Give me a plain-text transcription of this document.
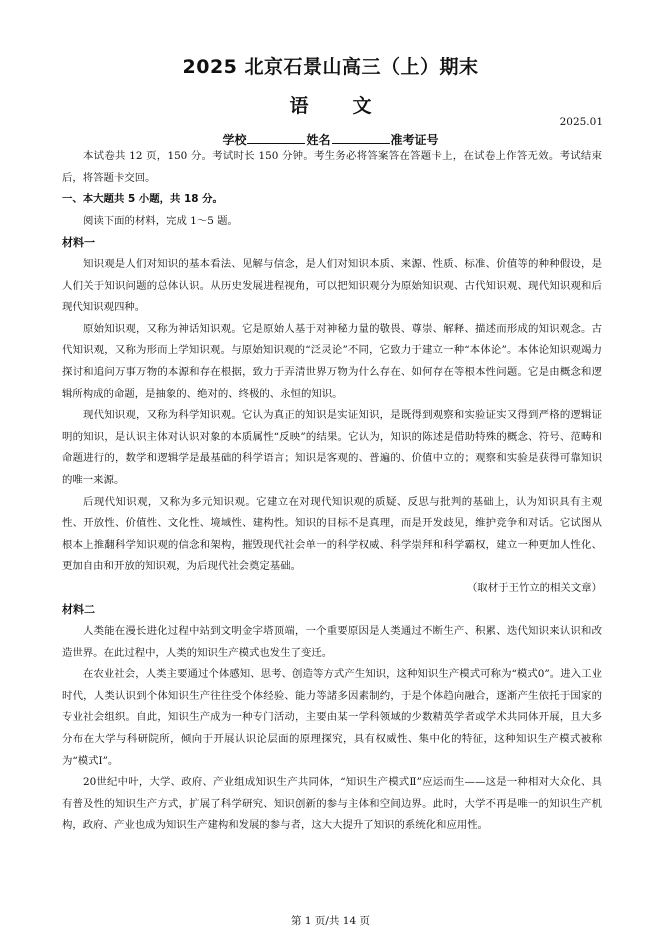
2025 北京石景山高三（上）期末
语文
2025.01
学校	姓名	准考证号

本试卷共 12 页，150 分。考试时长 150 分钟。考生务必将答案答在答题卡上，在试卷上作答无效。考试结束后，将答题卡交回。

一、本大题共 5 小题，共 18 分。

阅读下面的材料，完成 1～5 题。

材料一

知识观是人们对知识的基本看法、见解与信念，是人们对知识本质、来源、性质、标准、价值等的种种假设，是人们关于知识问题的总体认识。从历史发展进程视角，可以把知识观分为原始知识观、古代知识观、现代知识观和后现代知识观四种。

原始知识观，又称为神话知识观。它是原始人基于对神秘力量的敬畏、尊崇、解释、描述而形成的知识观念。古代知识观，又称为形而上学知识观。与原始知识观的“泛灵论”不同，它致力于建立一种“本体论”。本体论知识观竭力探讨和追问万事万物的本源和存在根据，致力于弄清世界万物为什么存在、如何存在等根本性问题。它是由概念和逻辑所构成的命题，是抽象的、绝对的、终极的、永恒的知识。

现代知识观，又称为科学知识观。它认为真正的知识是实证知识，是既得到观察和实验证实又得到严格的逻辑证明的知识，是认识主体对认识对象的本质属性“反映”的结果。它认为，知识的陈述是借助特殊的概念、符号、范畴和命题进行的，数学和逻辑学是最基础的科学语言；知识是客观的、普遍的、价值中立的；观察和实验是获得可靠知识的唯一来源。

后现代知识观，又称为多元知识观。它建立在对现代知识观的质疑、反思与批判的基础上，认为知识具有主观性、开放性、价值性、文化性、境域性、建构性。知识的目标不是真理，而是开发歧见，维护竞争和对话。它试图从根本上推翻科学知识观的信念和架构，摧毁现代社会单一的科学权威、科学崇拜和科学霸权，建立一种更加人性化、更加自由和开放的知识观，为后现代社会奠定基础。

（取材于王竹立的相关文章）

材料二

人类能在漫长进化过程中站到文明金字塔顶端，一个重要原因是人类通过不断生产、积累、迭代知识来认识和改造世界。在此过程中，人类的知识生产模式也发生了变迁。

在农业社会，人类主要通过个体感知、思考、创造等方式产生知识，这种知识生产模式可称为“模式0”。进入工业时代，人类认识到个体知识生产往往受个体经验、能力等諸多因素制约，于是个体趋向融合，逐渐产生依托于国家的专业社会组织。自此，知识生产成为一种专门活动，主要由某一学科领域的少数精英学者或学术共同体开展，且大多分布在大学与科研院所，倾向于开展认识论层面的原理探究，具有权威性、集中化的特征，这种知识生产模式被称为“模式Ⅰ”。

20世纪中叶，大学、政府、产业组成知识生产共同体，“知识生产模式Ⅱ”应运而生——这是一种相对大众化、具有普及性的知识生产方式，扩展了科学研究、知识创新的参与主体和空间边界。此时，大学不再是唯一的知识生产机构，政府、产业也成为知识生产建构和发展的参与者，这大大提升了知识的系统化和应用性。

第 1 页/共 14 页
